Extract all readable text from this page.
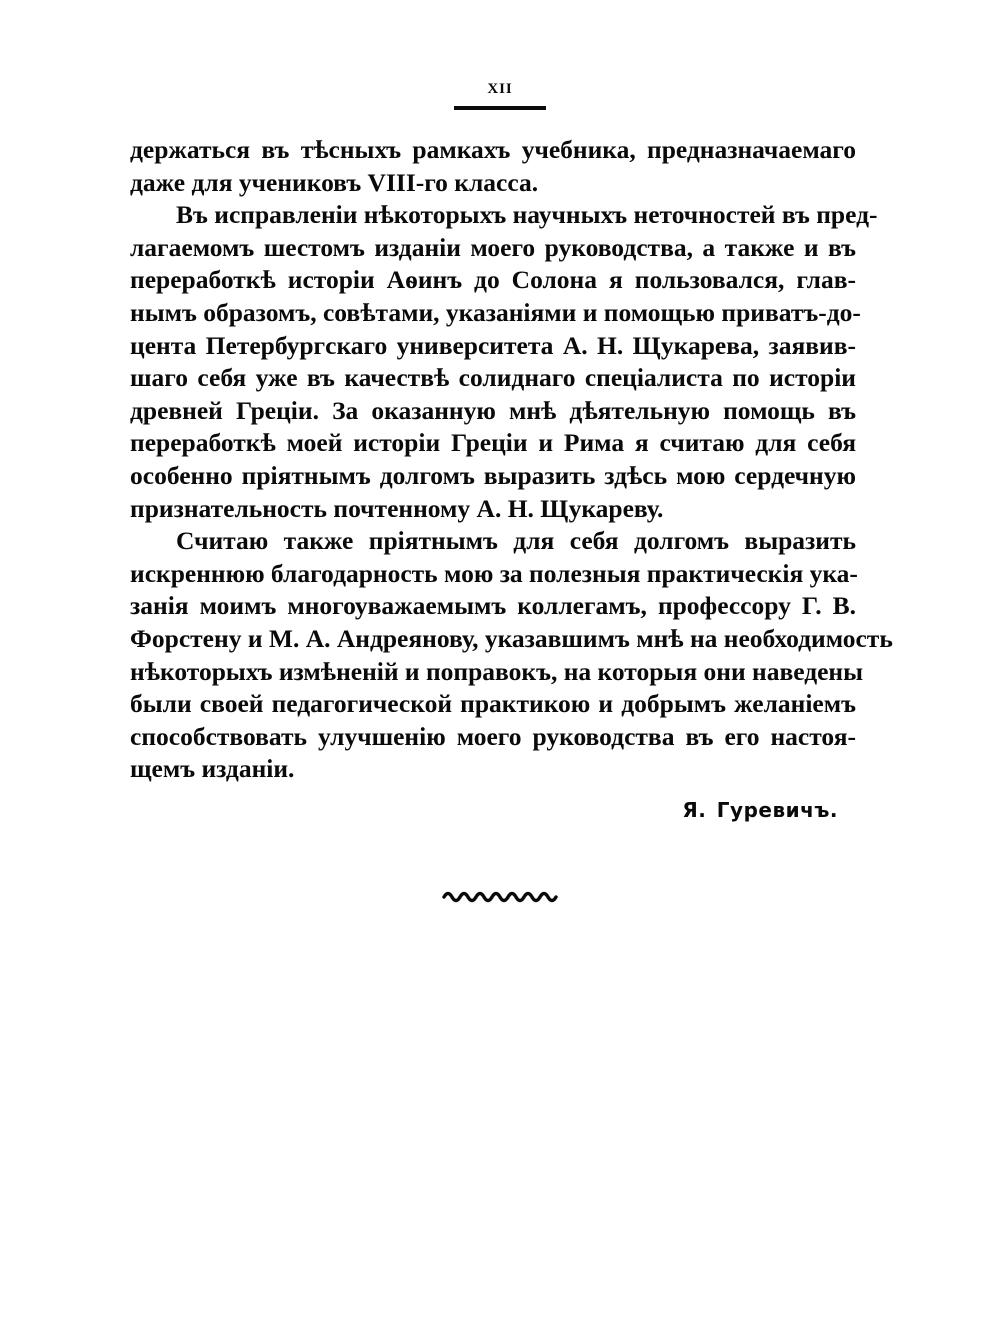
XII
держаться въ тѣсныхъ рамкахъ учебника, предназначаемаго
даже для учениковъ VIII-го класса.
Въ исправленіи нѣкоторыхъ научныхъ неточностей въ пред-
лагаемомъ шестомъ изданіи моего руководства, а также и въ
переработкѣ исторіи Аѳинъ до Солона я пользовался, глав-
нымъ образомъ, совѣтами, указаніями и помощью приватъ-до-
цента Петербургскаго университета А. Н. Щукарева, заявив-
шаго себя уже въ качествѣ солиднаго спеціалиста по исторіи
древней Греціи. За оказанную мнѣ дѣятельную помощь въ
переработкѣ моей исторіи Греціи и Рима я считаю для себя
особенно пріятнымъ долгомъ выразить здѣсь мою сердечную
признательность почтенному А. Н. Щукареву.
Считаю также пріятнымъ для себя долгомъ выразить
искреннюю благодарность мою за полезныя практическія ука-
занія моимъ многоуважаемымъ коллегамъ, профессору Г. В.
Форстену и М. А. Андреянову, указавшимъ мнѣ на необходимость
нѣкоторыхъ измѣненій и поправокъ, на которыя они наведены
были своей педагогической практикою и добрымъ желаніемъ
способствовать улучшенію моего руководства въ его настоя-
щемъ изданіи.
Я. Гуревичъ.
